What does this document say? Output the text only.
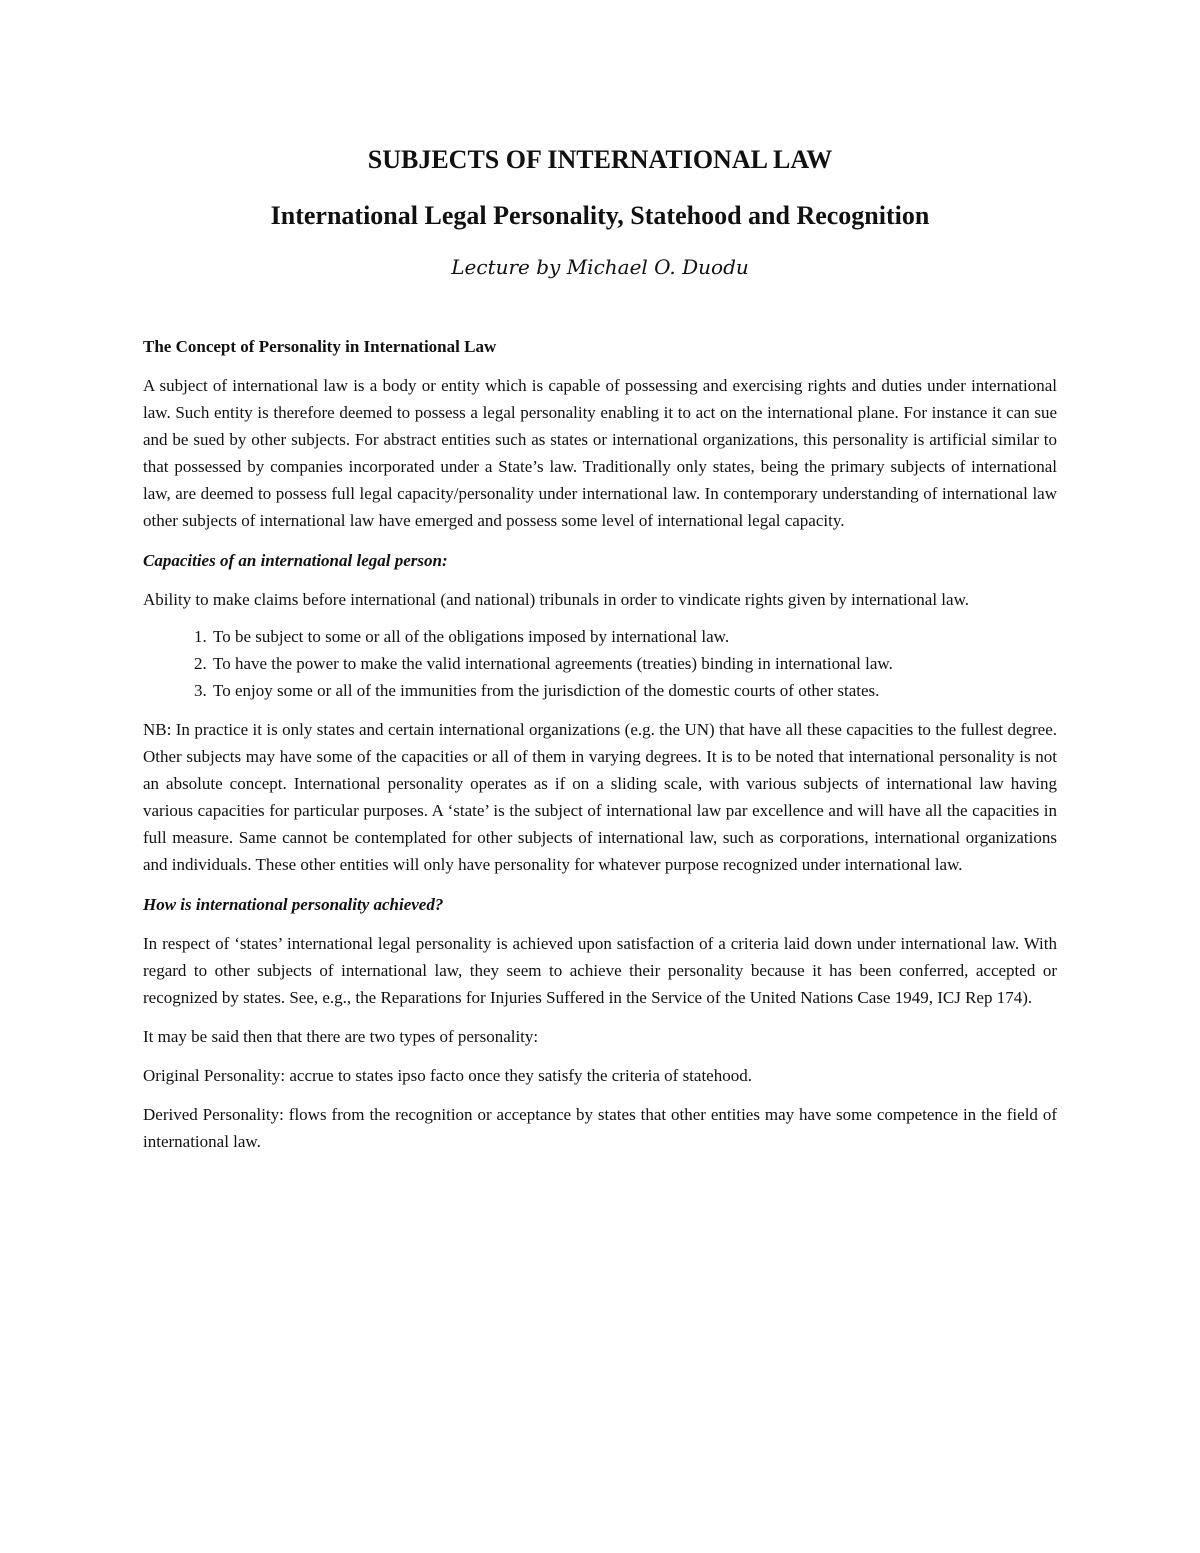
SUBJECTS OF INTERNATIONAL LAW
International Legal Personality, Statehood and Recognition
Lecture by Michael O. Duodu
The Concept of Personality in International Law

A subject of international law is a body or entity which is capable of possessing and exercising rights and duties under international law. Such entity is therefore deemed to possess a legal personality enabling it to act on the international plane. For instance it can sue and be sued by other subjects. For abstract entities such as states or international organizations, this personality is artificial similar to that possessed by companies incorporated under a State’s law. Traditionally only states, being the primary subjects of international law, are deemed to possess full legal capacity/personality under international law. In contemporary understanding of international law other subjects of international law have emerged and possess some level of international legal capacity.

Capacities of an international legal person:

Ability to make claims before international (and national) tribunals in order to vindicate rights given by international law.

1. To be subject to some or all of the obligations imposed by international law.
2. To have the power to make the valid international agreements (treaties) binding in international law.
3. To enjoy some or all of the immunities from the jurisdiction of the domestic courts of other states.

NB: In practice it is only states and certain international organizations (e.g. the UN) that have all these capacities to the fullest degree. Other subjects may have some of the capacities or all of them in varying degrees. It is to be noted that international personality is not an absolute concept. International personality operates as if on a sliding scale, with various subjects of international law having various capacities for particular purposes. A ‘state’ is the subject of international law par excellence and will have all the capacities in full measure. Same cannot be contemplated for other subjects of international law, such as corporations, international organizations and individuals. These other entities will only have personality for whatever purpose recognized under international law.

How is international personality achieved?

In respect of ‘states’ international legal personality is achieved upon satisfaction of a criteria laid down under international law. With regard to other subjects of international law, they seem to achieve their personality because it has been conferred, accepted or recognized by states. See, e.g., the Reparations for Injuries Suffered in the Service of the United Nations Case 1949, ICJ Rep 174).

It may be said then that there are two types of personality:

Original Personality: accrue to states ipso facto once they satisfy the criteria of statehood.

Derived Personality: flows from the recognition or acceptance by states that other entities may have some competence in the field of international law.
